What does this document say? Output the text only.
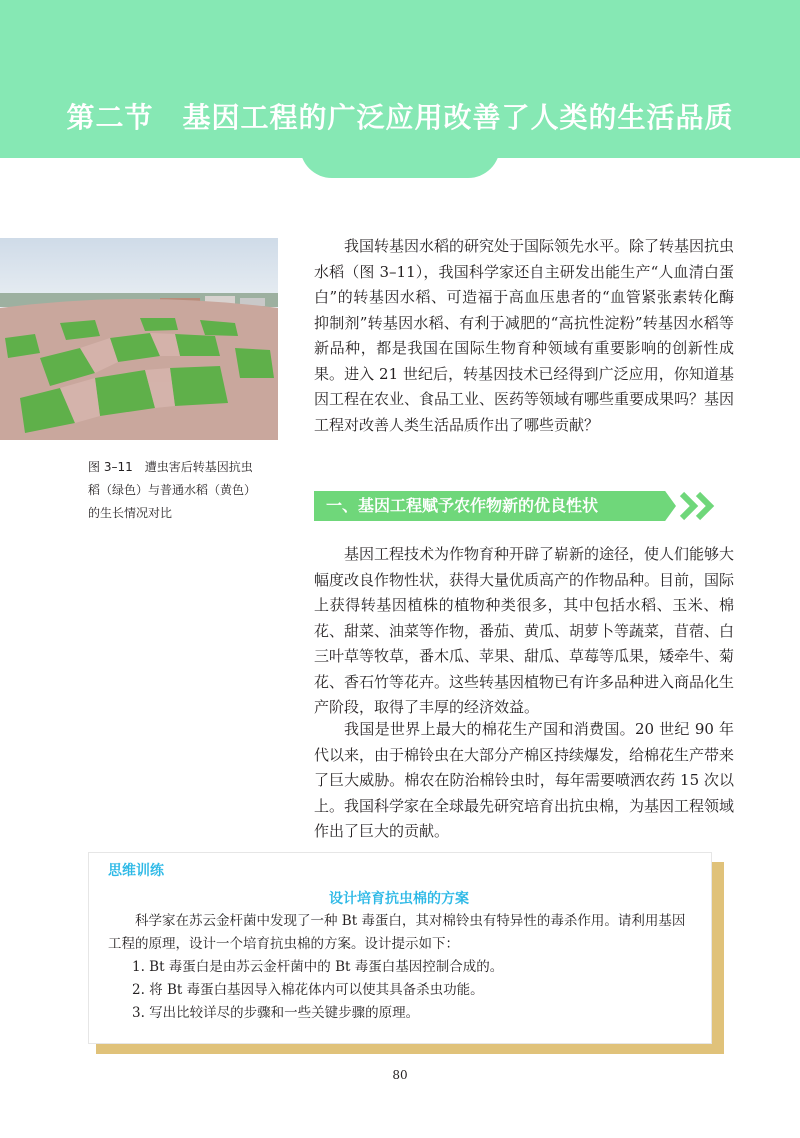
第二节　基因工程的广泛应用改善了人类的生活品质
图 3–11　遭虫害后转基因抗虫
稻（绿色）与普通水稻（黄色）
的生长情况对比

我国转基因水稻的研究处于国际领先水平。除了转基因抗虫水稻（图 3–11），我国科学家还自主研发出能生产“人血清白蛋白”的转基因水稻、可造福于高血压患者的“血管紧张素转化酶抑制剂”转基因水稻、有利于减肥的“高抗性淀粉”转基因水稻等新品种，都是我国在国际生物育种领域有重要影响的创新性成果。进入 21 世纪后，转基因技术已经得到广泛应用，你知道基因工程在农业、食品工业、医药等领域有哪些重要成果吗？基因工程对改善人类生活品质作出了哪些贡献？

一、基因工程赋予农作物新的优良性状

基因工程技术为作物育种开辟了崭新的途径，使人们能够大幅度改良作物性状，获得大量优质高产的作物品种。目前，国际上获得转基因植株的植物种类很多，其中包括水稻、玉米、棉花、甜菜、油菜等作物，番茄、黄瓜、胡萝卜等蔬菜，苜蓿、白三叶草等牧草，番木瓜、苹果、甜瓜、草莓等瓜果，矮牵牛、菊花、香石竹等花卉。这些转基因植物已有许多品种进入商品化生产阶段，取得了丰厚的经济效益。

我国是世界上最大的棉花生产国和消费国。20 世纪 90 年代以来，由于棉铃虫在大部分产棉区持续爆发，给棉花生产带来了巨大威胁。棉农在防治棉铃虫时，每年需要喷洒农药 15 次以上。我国科学家在全球最先研究培育出抗虫棉，为基因工程领域作出了巨大的贡献。

思维训练
设计培育抗虫棉的方案

科学家在苏云金杆菌中发现了一种 Bt 毒蛋白，其对棉铃虫有特异性的毒杀作用。请利用基因工程的原理，设计一个培育抗虫棉的方案。设计提示如下：

1. Bt 毒蛋白是由苏云金杆菌中的 Bt 毒蛋白基因控制合成的。

2. 将 Bt 毒蛋白基因导入棉花体内可以使其具备杀虫功能。

3. 写出比较详尽的步骤和一些关键步骤的原理。

80
